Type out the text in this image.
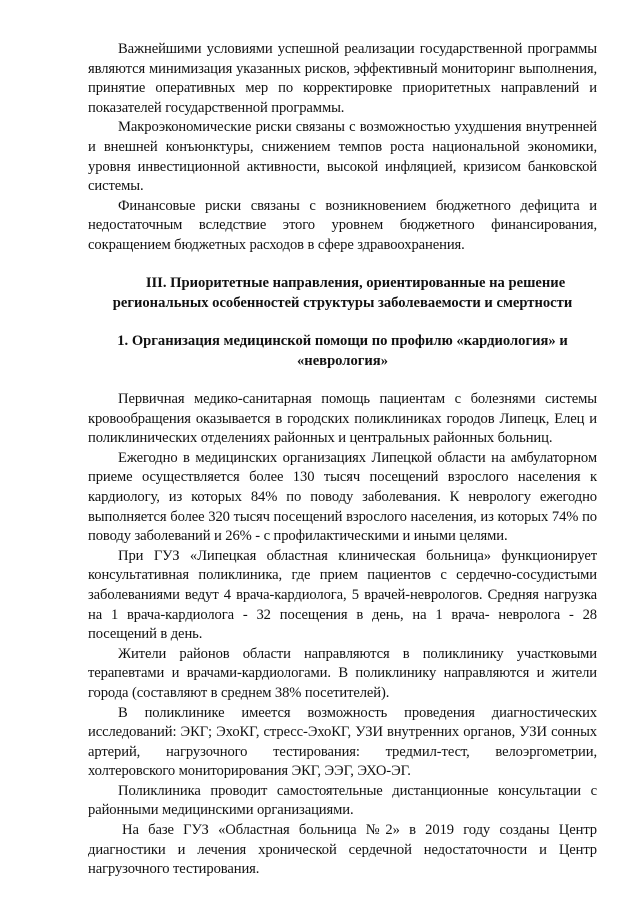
Важнейшими условиями успешной реализации государственной программы являются минимизация указанных рисков, эффективный мониторинг выполнения, принятие оперативных мер по корректировке приоритетных направлений и показателей государственной программы.

Макроэкономические риски связаны с возможностью ухудшения внутренней и внешней конъюнктуры, снижением темпов роста национальной экономики, уровня инвестиционной активности, высокой инфляцией, кризисом банковской системы.

Финансовые риски связаны с возникновением бюджетного дефицита и недостаточным вследствие этого уровнем бюджетного финансирования, сокращением бюджетных расходов в сфере здравоохранения.

III. Приоритетные направления, ориентированные на решение

региональных особенностей структуры заболеваемости и смертности

1. Организация медицинской помощи по профилю «кардиология» и

«неврология»

Первичная медико-санитарная помощь пациентам с болезнями системы кровообращения оказывается в городских поликлиниках городов Липецк, Елец и поликлинических отделениях районных и центральных районных больниц.

Ежегодно в медицинских организациях Липецкой области на амбулаторном приеме осуществляется более 130 тысяч посещений взрослого населения к кардиологу, из которых 84% по поводу заболевания. К неврологу ежегодно выполняется более 320 тысяч посещений взрослого населения, из которых 74% по поводу заболеваний и 26% - с профилактическими и иными целями.

При ГУЗ «Липецкая областная клиническая больница» функционирует консультативная поликлиника, где прием пациентов с сердечно-сосудистыми заболеваниями ведут 4 врача-кардиолога, 5 врачей-неврологов. Средняя нагрузка на 1 врача-кардиолога - 32 посещения в день, на 1 врача- невролога - 28 посещений в день.

Жители районов области направляются в поликлинику участковыми терапевтами и врачами-кардиологами. В поликлинику направляются и жители города (составляют в среднем 38% посетителей).

В поликлинике имеется возможность проведения диагностических исследований: ЭКГ; ЭхоКГ, стресс-ЭхоКГ, УЗИ внутренних органов, УЗИ сонных артерий, нагрузочного тестирования: тредмил-тест, велоэргометрии, холтеровского мониторирования ЭКГ, ЭЭГ, ЭХО-ЭГ.

Поликлиника проводит самостоятельные дистанционные консультации с районными медицинскими организациями.

На базе ГУЗ «Областная больница №2» в 2019 году созданы Центр диагностики и лечения хронической сердечной недостаточности и Центр нагрузочного тестирования.
